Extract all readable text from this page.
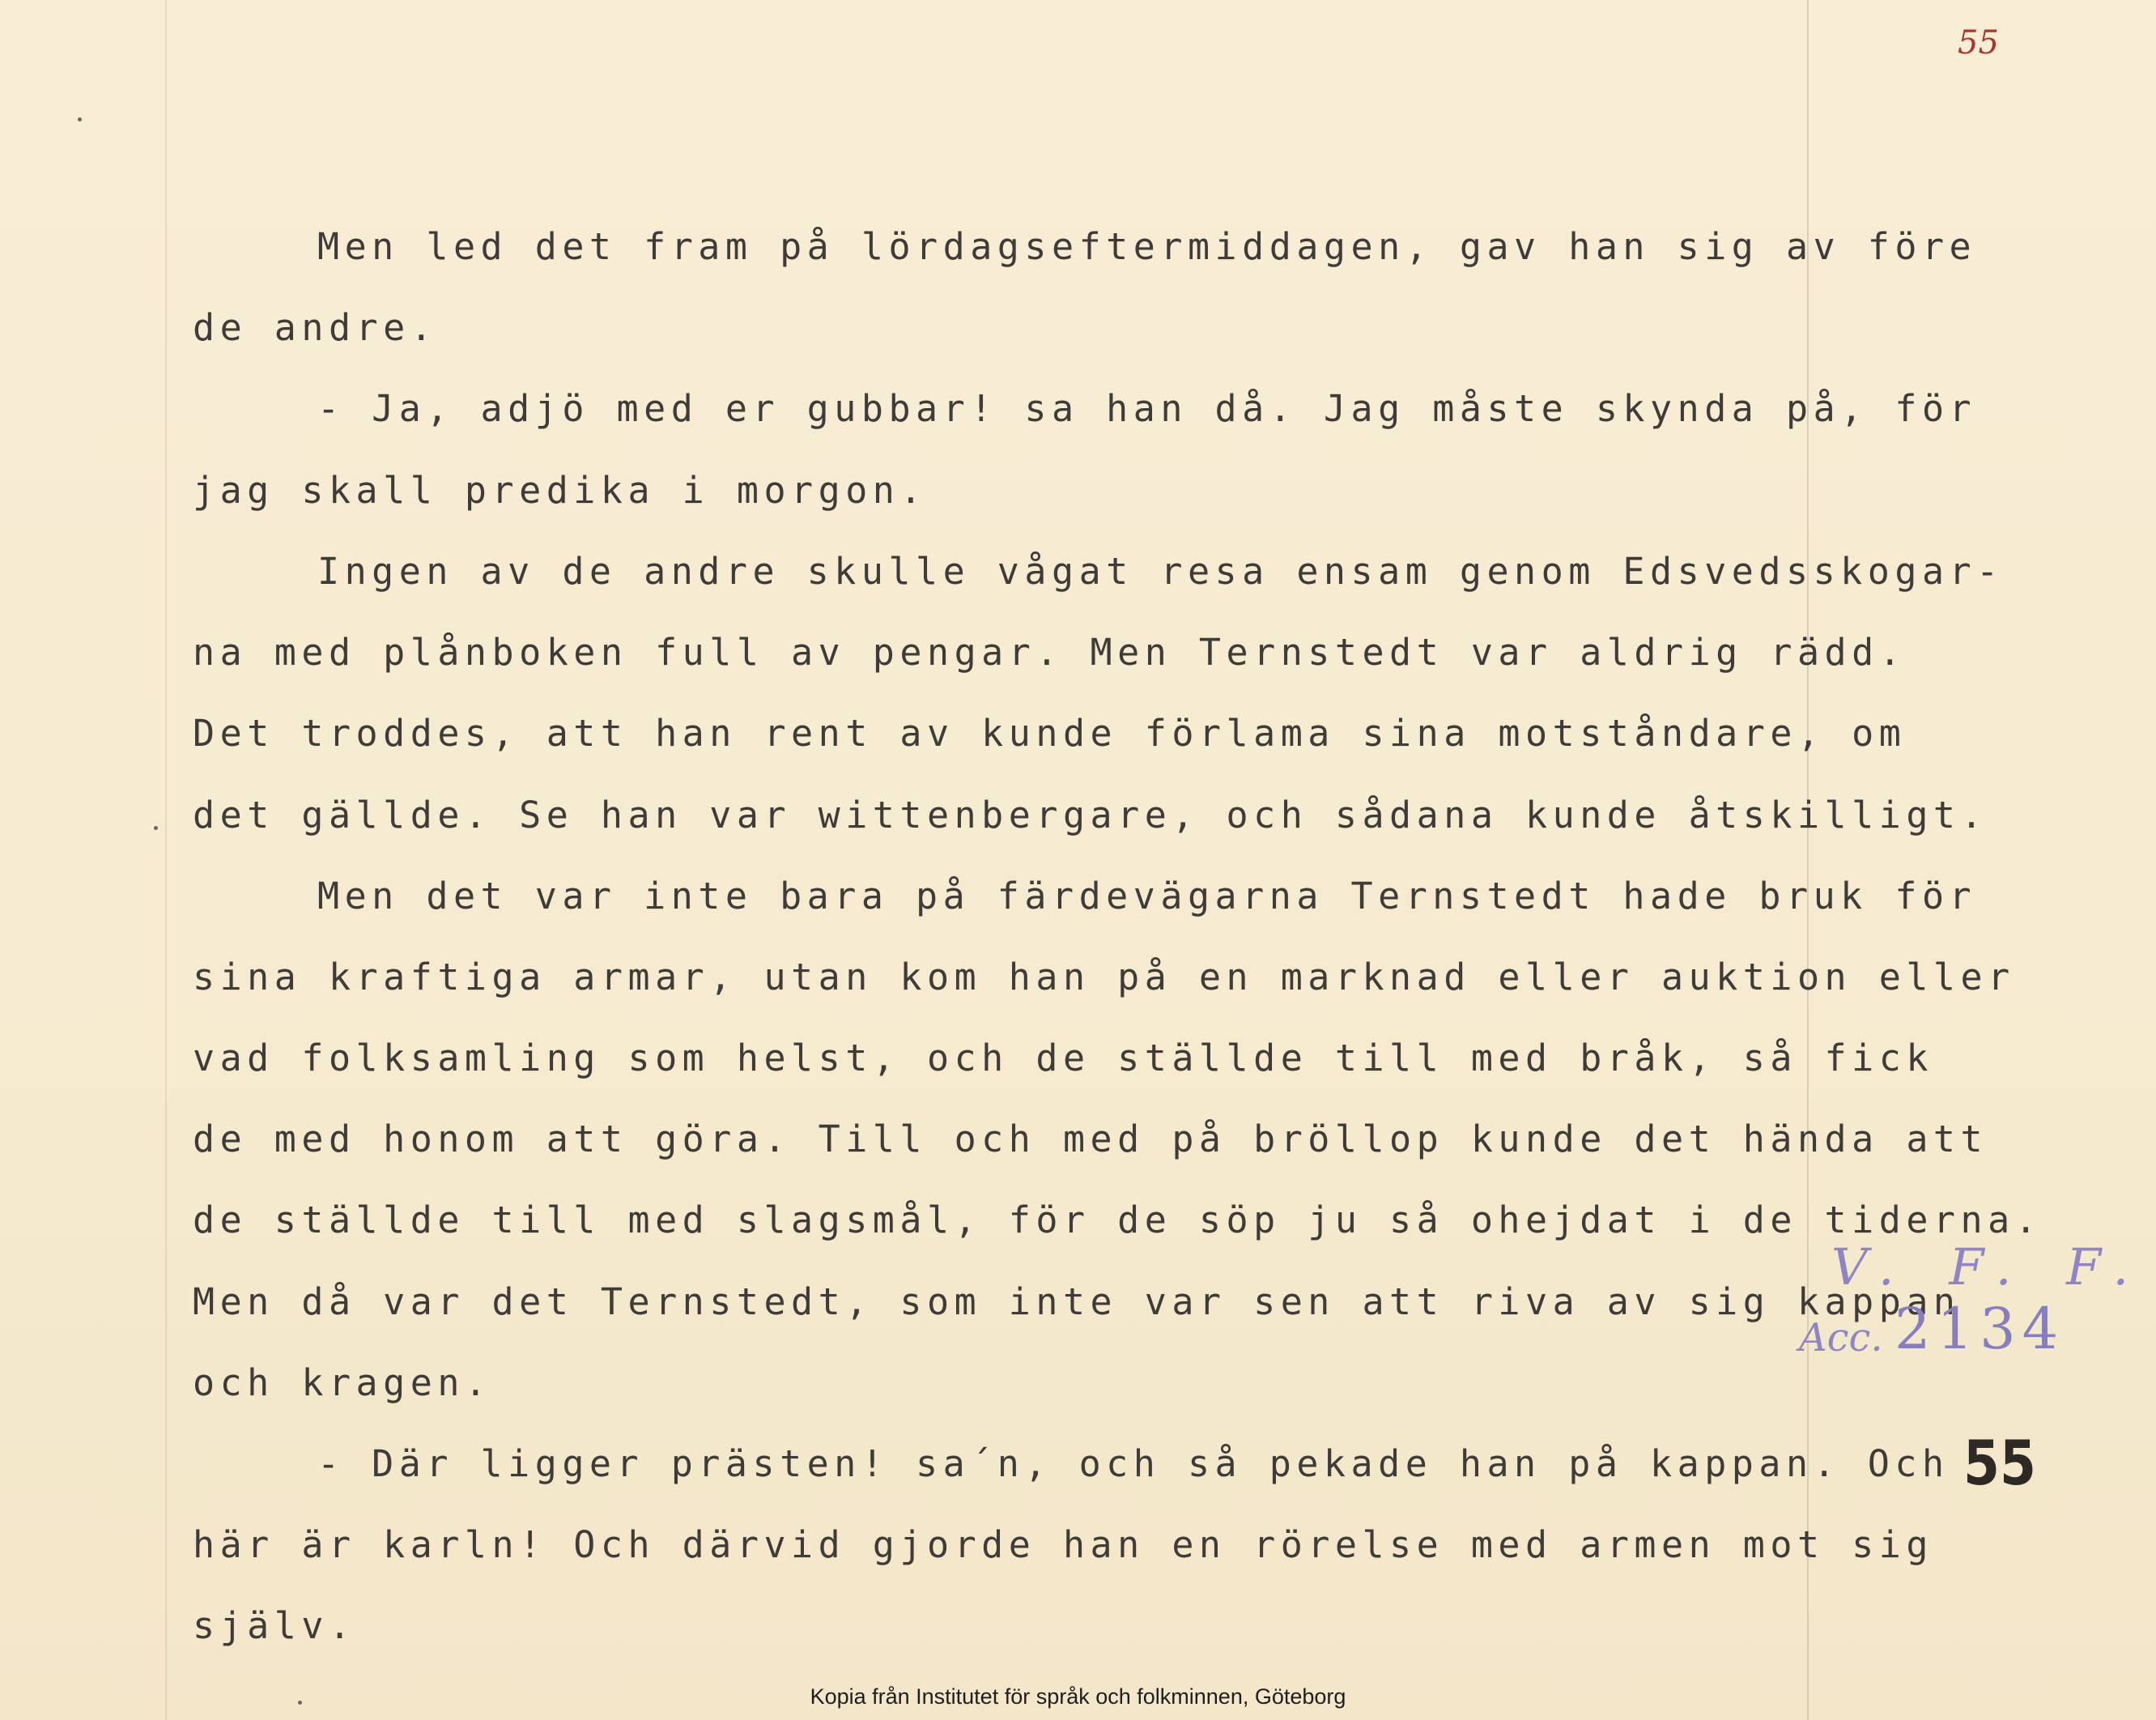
55
Men led det fram på lördagseftermiddagen, gav han sig av före
de andre.
- Ja, adjö med er gubbar! sa han då. Jag måste skynda på, för
jag skall predika i morgon.
Ingen av de andre skulle vågat resa ensam genom Edsvedsskogar-
na med plånboken full av pengar. Men Ternstedt var aldrig rädd.
Det troddes, att han rent av kunde förlama sina motståndare, om
det gällde. Se han var wittenbergare, och sådana kunde åtskilligt.
Men det var inte bara på färdevägarna Ternstedt hade bruk för
sina kraftiga armar, utan kom han på en marknad eller auktion eller
vad folksamling som helst, och de ställde till med bråk, så fick
de med honom att göra. Till och med på bröllop kunde det hända att
de ställde till med slagsmål, för de söp ju så ohejdat i de tiderna.
Men då var det Ternstedt, som inte var sen att riva av sig kappan
och kragen.
- Där ligger prästen! sa´n, och så pekade han på kappan. Och
här är karln! Och därvid gjorde han en rörelse med armen mot sig
själv.
V. F. F.
Acc. 2134
55
Kopia från Institutet för språk och folkminnen, Göteborg
